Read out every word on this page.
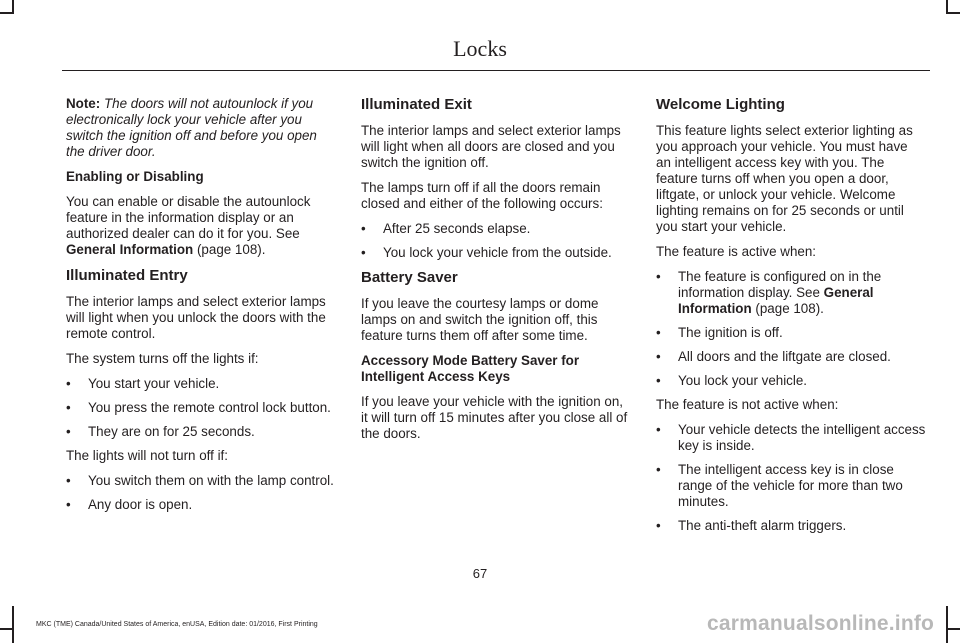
Locks

Note: The doors will not autounlock if you electronically lock your vehicle after you switch the ignition off and before you open the driver door.

Enabling or Disabling

You can enable or disable the autounlock feature in the information display or an authorized dealer can do it for you. See General Information (page 108).

Illuminated Entry

The interior lamps and select exterior lamps will light when you unlock the doors with the remote control.

The system turns off the lights if:

• You start your vehicle.
• You press the remote control lock button.
• They are on for 25 seconds.

The lights will not turn off if:

• You switch them on with the lamp control.
• Any door is open.
Illuminated Exit

The interior lamps and select exterior lamps will light when all doors are closed and you switch the ignition off.

The lamps turn off if all the doors remain closed and either of the following occurs:

• After 25 seconds elapse.
• You lock your vehicle from the outside.
Battery Saver

If you leave the courtesy lamps or dome lamps on and switch the ignition off, this feature turns them off after some time.

Accessory Mode Battery Saver for Intelligent Access Keys

If you leave your vehicle with the ignition on, it will turn off 15 minutes after you close all of the doors.

Welcome Lighting

This feature lights select exterior lighting as you approach your vehicle. You must have an intelligent access key with you. The feature turns off when you open a door, liftgate, or unlock your vehicle. Welcome lighting remains on for 25 seconds or until you start your vehicle.

The feature is active when:

• The feature is configured on in the information display. See General Information (page 108).
• The ignition is off.
• All doors and the liftgate are closed.
• You lock your vehicle.

The feature is not active when:

• Your vehicle detects the intelligent access key is inside.
• The intelligent access key is in close range of the vehicle for more than two minutes.
• The anti-theft alarm triggers.
67
MKC (TME) Canada/United States of America, enUSA, Edition date: 01/2016, First Printing	carmanualsonline.info
